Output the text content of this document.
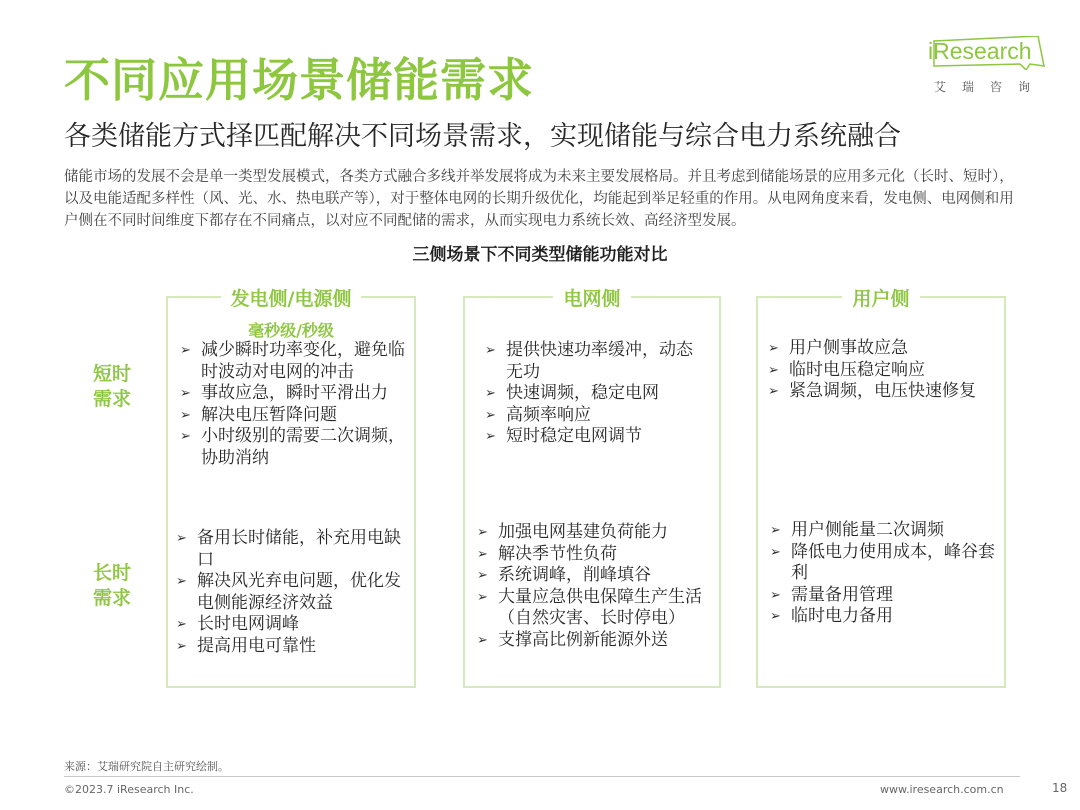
不同应用场景储能需求
各类储能方式择匹配解决不同场景需求，实现储能与综合电力系统融合
iResearch
艾瑞咨询

储能市场的发展不会是单一类型发展模式，各类方式融合多线并举发展将成为未来主要发展格局。并且考虑到储能场景的应用多元化（长时、短时），以及电能适配多样性（风、光、水、热电联产等），对于整体电网的长期升级优化，均能起到举足轻重的作用。从电网角度来看，发电侧、电网侧和用户侧在不同时间维度下都存在不同痛点，以对应不同配储的需求，从而实现电力系统长效、高经济型发展。

三侧场景下不同类型储能功能对比
短时
需求
长时
需求
发电侧/电源侧
毫秒级/秒级
➢ 减少瞬时功率变化，避免临时波动对电网的冲击
➢ 事故应急，瞬时平滑出力
➢ 解决电压暂降问题
➢ 小时级别的需要二次调频，协助消纳
➢ 备用长时储能，补充用电缺口
➢ 解决风光弃电问题，优化发电侧能源经济效益
➢ 长时电网调峰
➢ 提高用电可靠性
电网侧
➢ 提供快速功率缓冲，动态无功
➢ 快速调频，稳定电网
➢ 高频率响应
➢ 短时稳定电网调节
➢ 加强电网基建负荷能力
➢ 解决季节性负荷
➢ 系统调峰，削峰填谷
➢ 大量应急供电保障生产生活（自然灾害、长时停电）
➢ 支撑高比例新能源外送
用户侧
➢ 用户侧事故应急
➢ 临时电压稳定响应
➢ 紧急调频，电压快速修复
➢ 用户侧能量二次调频
➢ 降低电力使用成本，峰谷套利
➢ 需量备用管理
➢ 临时电力备用
来源：艾瑞研究院自主研究绘制。
©2023.7 iResearch Inc.	www.iresearch.com.cn	18
